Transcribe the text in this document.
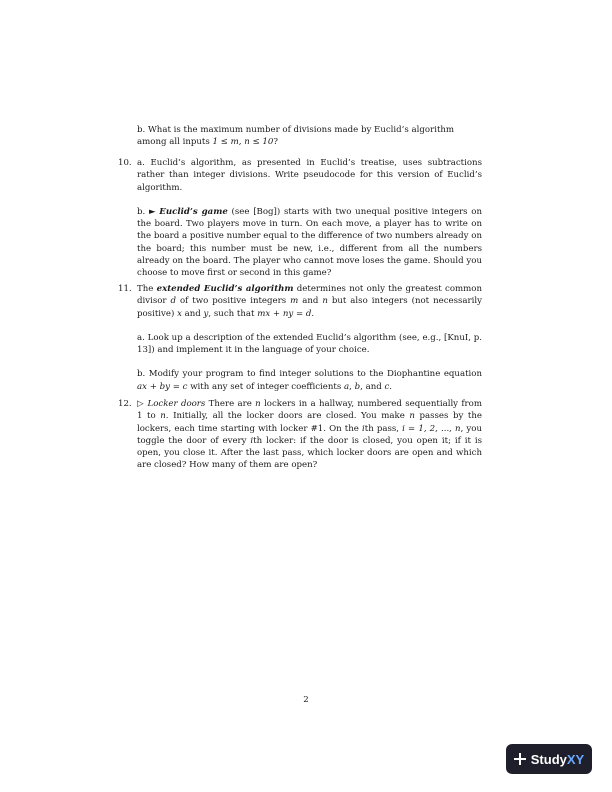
b. What is the maximum number of divisions made by Euclid’s algorithm
among all inputs 1 ≤ m, n ≤ 10?

10. a. Euclid’s algorithm, as presented in Euclid’s treatise, uses subtractions rather than integer divisions. Write pseudocode for this version of Euclid’s algorithm.

b. ► Euclid’s game (see [Bog]) starts with two unequal positive integers on the board. Two players move in turn. On each move, a player has to write on the board a positive number equal to the difference of two numbers already on the board; this number must be new, i.e., different from all the numbers already on the board. The player who cannot move loses the game. Should you choose to move first or second in this game?

11. The extended Euclid’s algorithm determines not only the greatest common divisor d of two positive integers m and n but also integers (not necessarily positive) x and y, such that mx + ny = d.

a. Look up a description of the extended Euclid’s algorithm (see, e.g., [KnuI, p. 13]) and implement it in the language of your choice.

b. Modify your program to find integer solutions to the Diophantine equation ax + by = c with any set of integer coefficients a, b, and c.

12. ▷ Locker doors There are n lockers in a hallway, numbered sequentially from 1 to n. Initially, all the locker doors are closed. You make n passes by the lockers, each time starting with locker #1. On the ith pass, i = 1, 2, ..., n, you toggle the door of every ith locker: if the door is closed, you open it; if it is open, you close it. After the last pass, which locker doors are open and which are closed? How many of them are open?

2
StudyXY
